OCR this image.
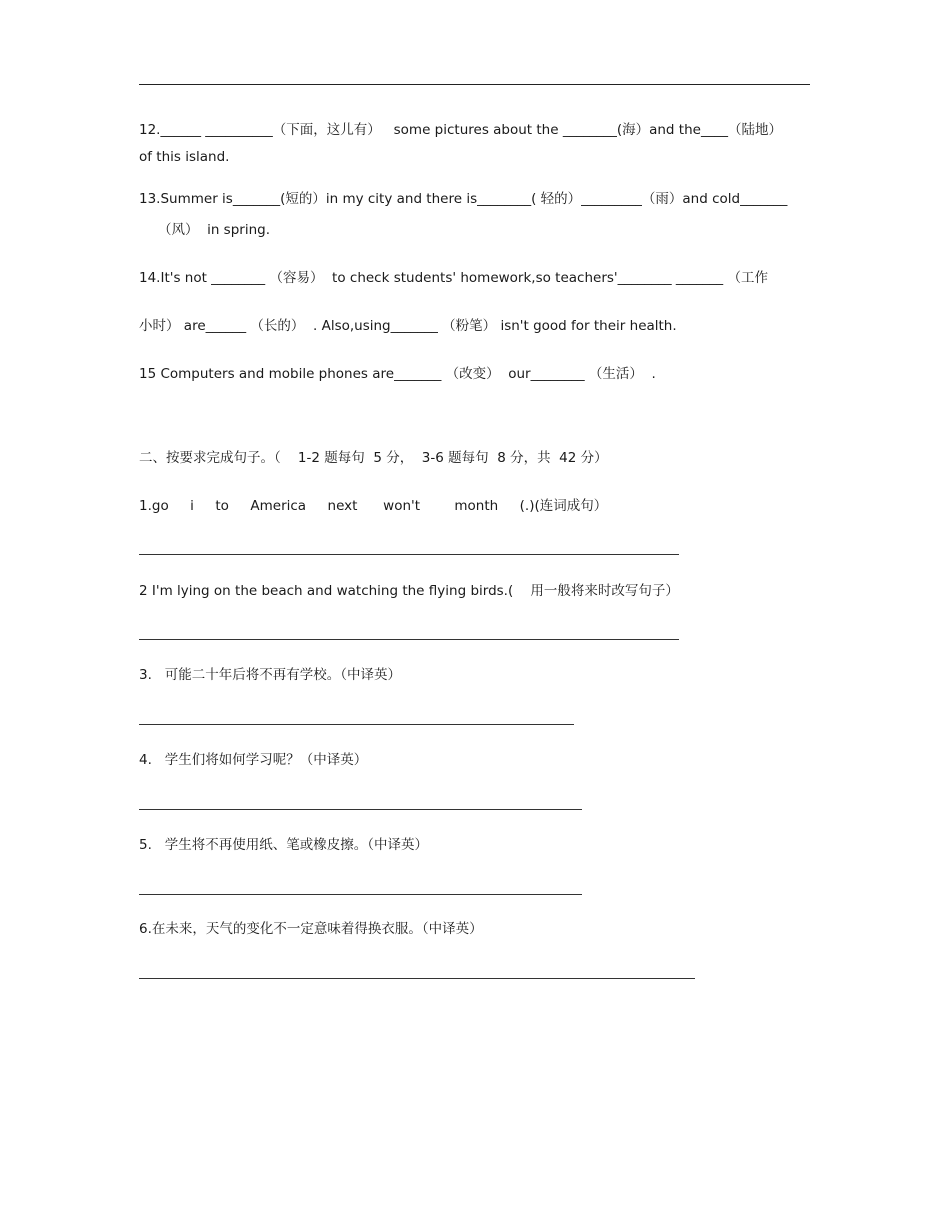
12.______ __________（下面，这儿有）   some pictures about the ________(海）and the____（陆地）
of this island.
13.Summer is_______(短的）in my city and there is________( 轻的）_________（雨）and cold_______
（风）  in spring.
14.It's not ________ （容易）  to check students' homework,so teachers'________ _______ （工作
小时） are______ （长的）  . Also,using_______ （粉笔） isn't good for their health.
15 Computers and mobile phones are_______ （改变）  our________ （生活）  .
二、按要求完成句子。（    1-2 题每句  5 分，  3-6 题每句  8 分，共  42 分）
1.go     i     to     America     next      won't        month     (.)(连词成句）
2 I'm lying on the beach and watching the flying birds.(    用一般将来时改写句子）
3.   可能二十年后将不再有学校。（中译英）
4.   学生们将如何学习呢？（中译英）
5.   学生将不再使用纸、笔或橡皮擦。（中译英）
6.在未来，天气的变化不一定意味着得换衣服。（中译英）
